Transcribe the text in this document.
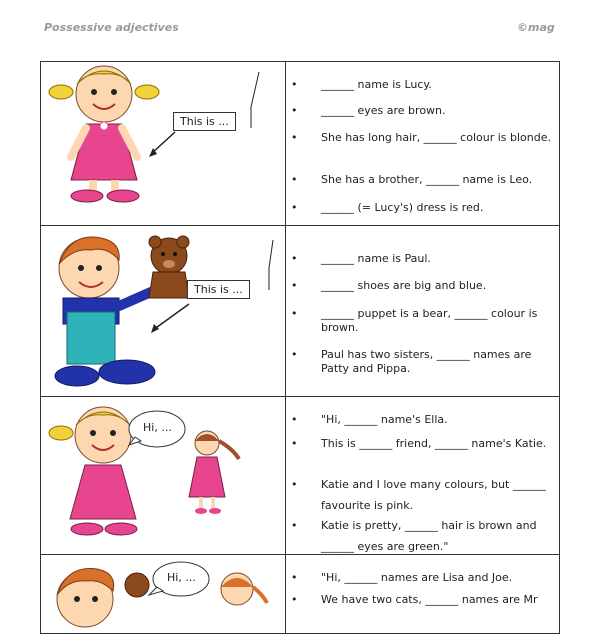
Possessive adjectives	©mag
This is ...
• ______ name is Lucy.
• ______ eyes are brown.
• She has long hair, ______ colour is blonde.
• She has a brother, ______ name is Leo.
• ______ (= Lucy's) dress is red.
This is ...
• ______ name is Paul.
• ______ shoes are big and blue.
• ______ puppet is a bear, ______ colour is brown.
• Paul has two sisters, ______ names are Patty and Pippa.
Hi, ...
• "Hi, ______ name's Ella.
• This is ______ friend, ______ name's Katie.
• Katie and I love many colours, but ______ favourite is pink.
• Katie is pretty, ______ hair is brown and ______ eyes are green."
Hi, ...
•	"Hi, ______ names are Lisa and Joe.
• We have two cats, ______ names are Mr
